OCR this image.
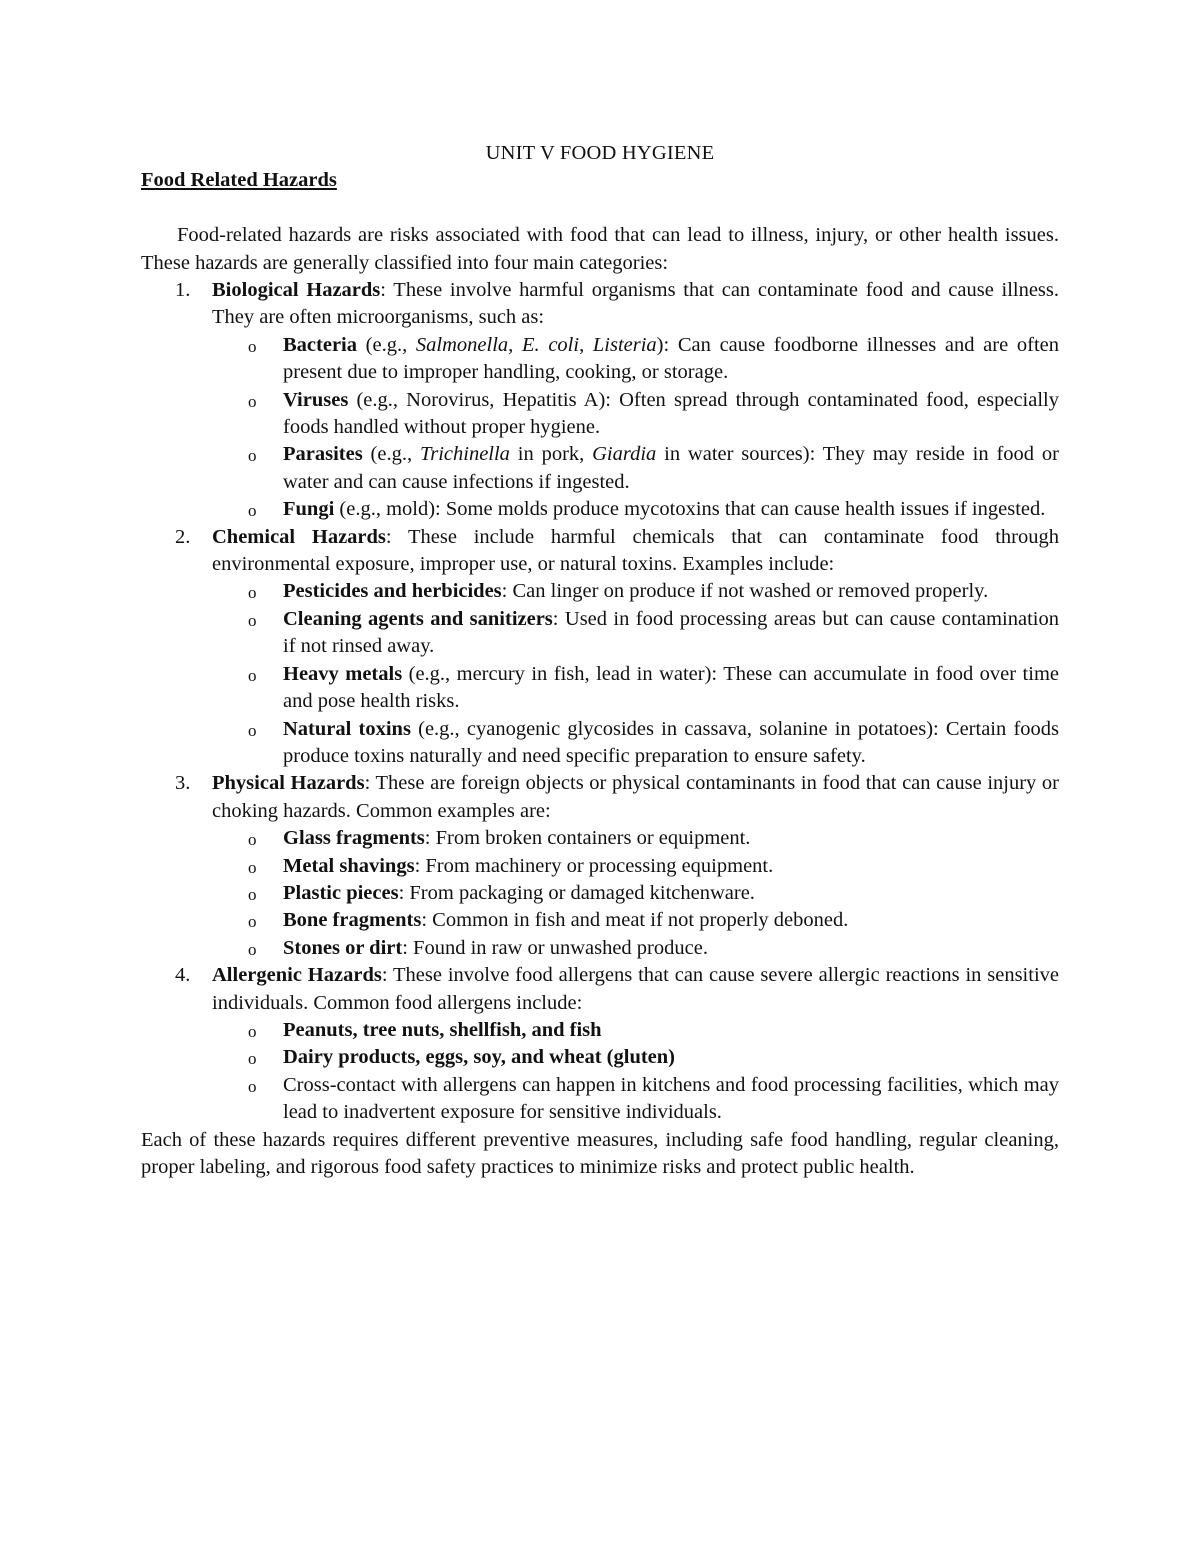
UNIT V FOOD HYGIENE
Food Related Hazards

Food-related hazards are risks associated with food that can lead to illness, injury, or other health issues. These hazards are generally classified into four main categories:

1. Biological Hazards: These involve harmful organisms that can contaminate food and cause illness. They are often microorganisms, such as:
o Bacteria (e.g., Salmonella, E. coli, Listeria): Can cause foodborne illnesses and are often present due to improper handling, cooking, or storage.
o Viruses (e.g., Norovirus, Hepatitis A): Often spread through contaminated food, especially foods handled without proper hygiene.
o Parasites (e.g., Trichinella in pork, Giardia in water sources): They may reside in food or water and can cause infections if ingested.
o Fungi (e.g., mold): Some molds produce mycotoxins that can cause health issues if ingested.
2. Chemical Hazards: These include harmful chemicals that can contaminate food through environmental exposure, improper use, or natural toxins. Examples include:
o Pesticides and herbicides: Can linger on produce if not washed or removed properly.
o Cleaning agents and sanitizers: Used in food processing areas but can cause contamination if not rinsed away.
o Heavy metals (e.g., mercury in fish, lead in water): These can accumulate in food over time and pose health risks.
o Natural toxins (e.g., cyanogenic glycosides in cassava, solanine in potatoes): Certain foods produce toxins naturally and need specific preparation to ensure safety.
3. Physical Hazards: These are foreign objects or physical contaminants in food that can cause injury or choking hazards. Common examples are:
o Glass fragments: From broken containers or equipment.
o Metal shavings: From machinery or processing equipment.
o Plastic pieces: From packaging or damaged kitchenware.
o Bone fragments: Common in fish and meat if not properly deboned.
o Stones or dirt: Found in raw or unwashed produce.
4. Allergenic Hazards: These involve food allergens that can cause severe allergic reactions in sensitive individuals. Common food allergens include:
o Peanuts, tree nuts, shellfish, and fish
o Dairy products, eggs, soy, and wheat (gluten)
o Cross-contact with allergens can happen in kitchens and food processing facilities, which may lead to inadvertent exposure for sensitive individuals.

Each of these hazards requires different preventive measures, including safe food handling, regular cleaning, proper labeling, and rigorous food safety practices to minimize risks and protect public health.
